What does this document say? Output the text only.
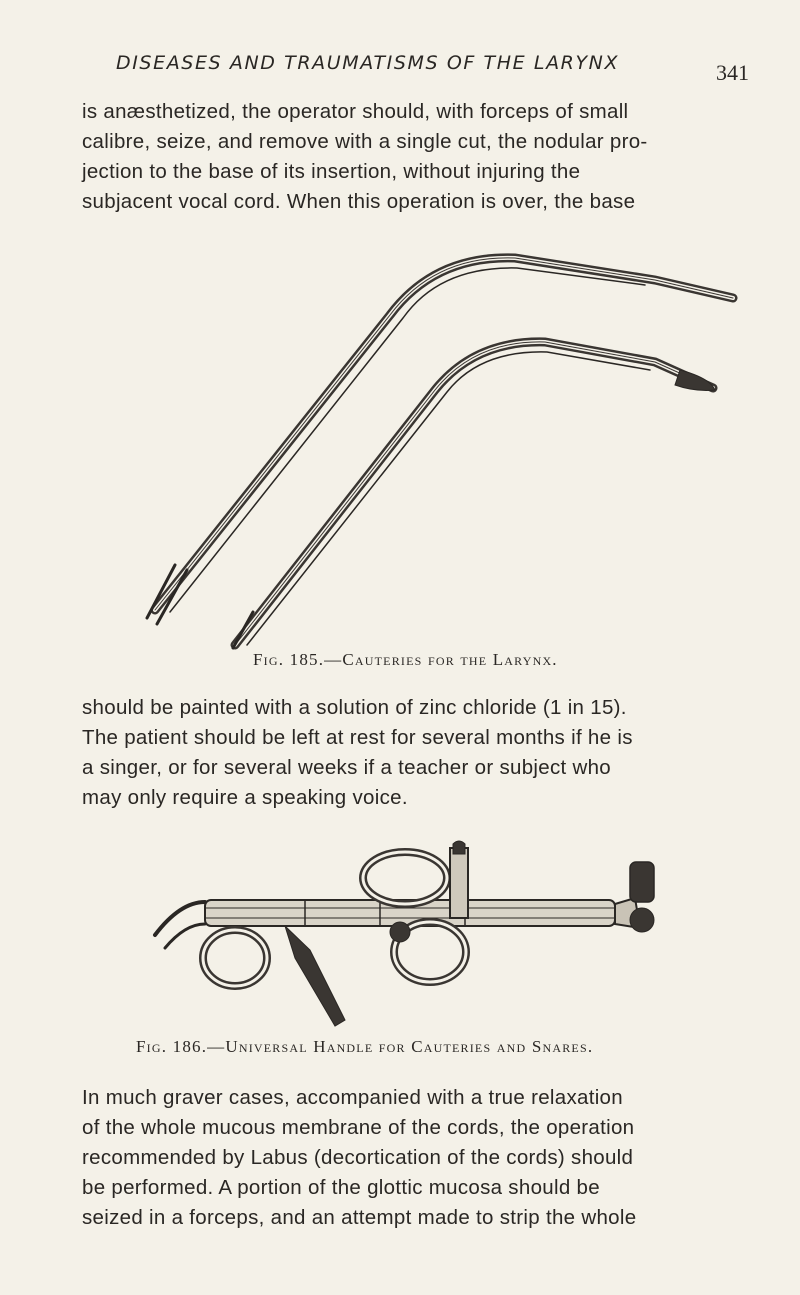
DISEASES AND TRAUMATISMS OF THE LARYNX	341
is anæsthetized, the operator should, with forceps of small
calibre, seize, and remove with a single cut, the nodular pro-
jection to the base of its insertion, without injuring the
subjacent vocal cord. When this operation is over, the base
Fig. 185.—Cauteries for the Larynx.
should be painted with a solution of zinc chloride (1 in 15).
The patient should be left at rest for several months if he is
a singer, or for several weeks if a teacher or subject who
may only require a speaking voice.
Fig. 186.—Universal Handle for Cauteries and Snares.
In much graver cases, accompanied with a true relaxation
of the whole mucous membrane of the cords, the operation
recommended by Labus (decortication of the cords) should
be performed. A portion of the glottic mucosa should be
seized in a forceps, and an attempt made to strip the whole
